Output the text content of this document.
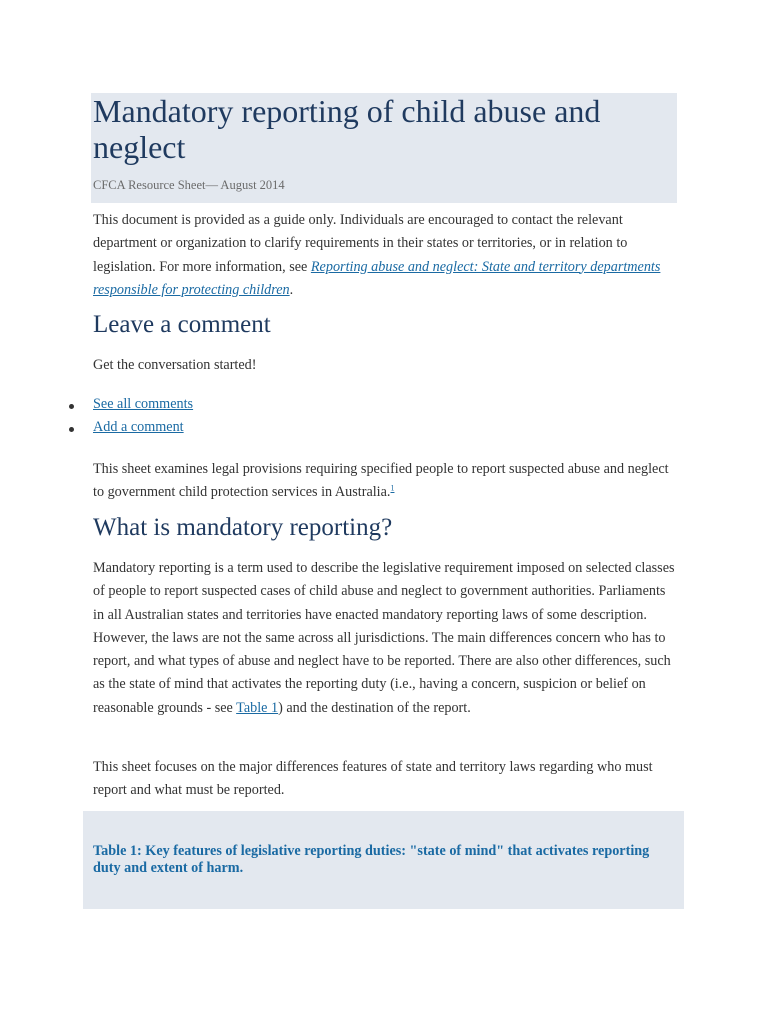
Mandatory reporting of child abuse and neglect
CFCA Resource Sheet— August 2014

This document is provided as a guide only. Individuals are encouraged to contact the relevant department or organization to clarify requirements in their states or territories, or in relation to legislation. For more information, see Reporting abuse and neglect: State and territory departments responsible for protecting children.

Leave a comment

Get the conversation started!

See all comments
Add a comment

This sheet examines legal provisions requiring specified people to report suspected abuse and neglect to government child protection services in Australia.$^1$

What is mandatory reporting?

Mandatory reporting is a term used to describe the legislative requirement imposed on selected classes of people to report suspected cases of child abuse and neglect to government authorities. Parliaments in all Australian states and territories have enacted mandatory reporting laws of some description. However, the laws are not the same across all jurisdictions. The main differences concern who has to report, and what types of abuse and neglect have to be reported. There are also other differences, such as the state of mind that activates the reporting duty (i.e., having a concern, suspicion or belief on reasonable grounds - see Table 1) and the destination of the report.

This sheet focuses on the major differences features of state and territory laws regarding who must report and what must be reported.

Table 1: Key features of legislative reporting duties: "state of mind" that activates reporting duty and extent of harm.
